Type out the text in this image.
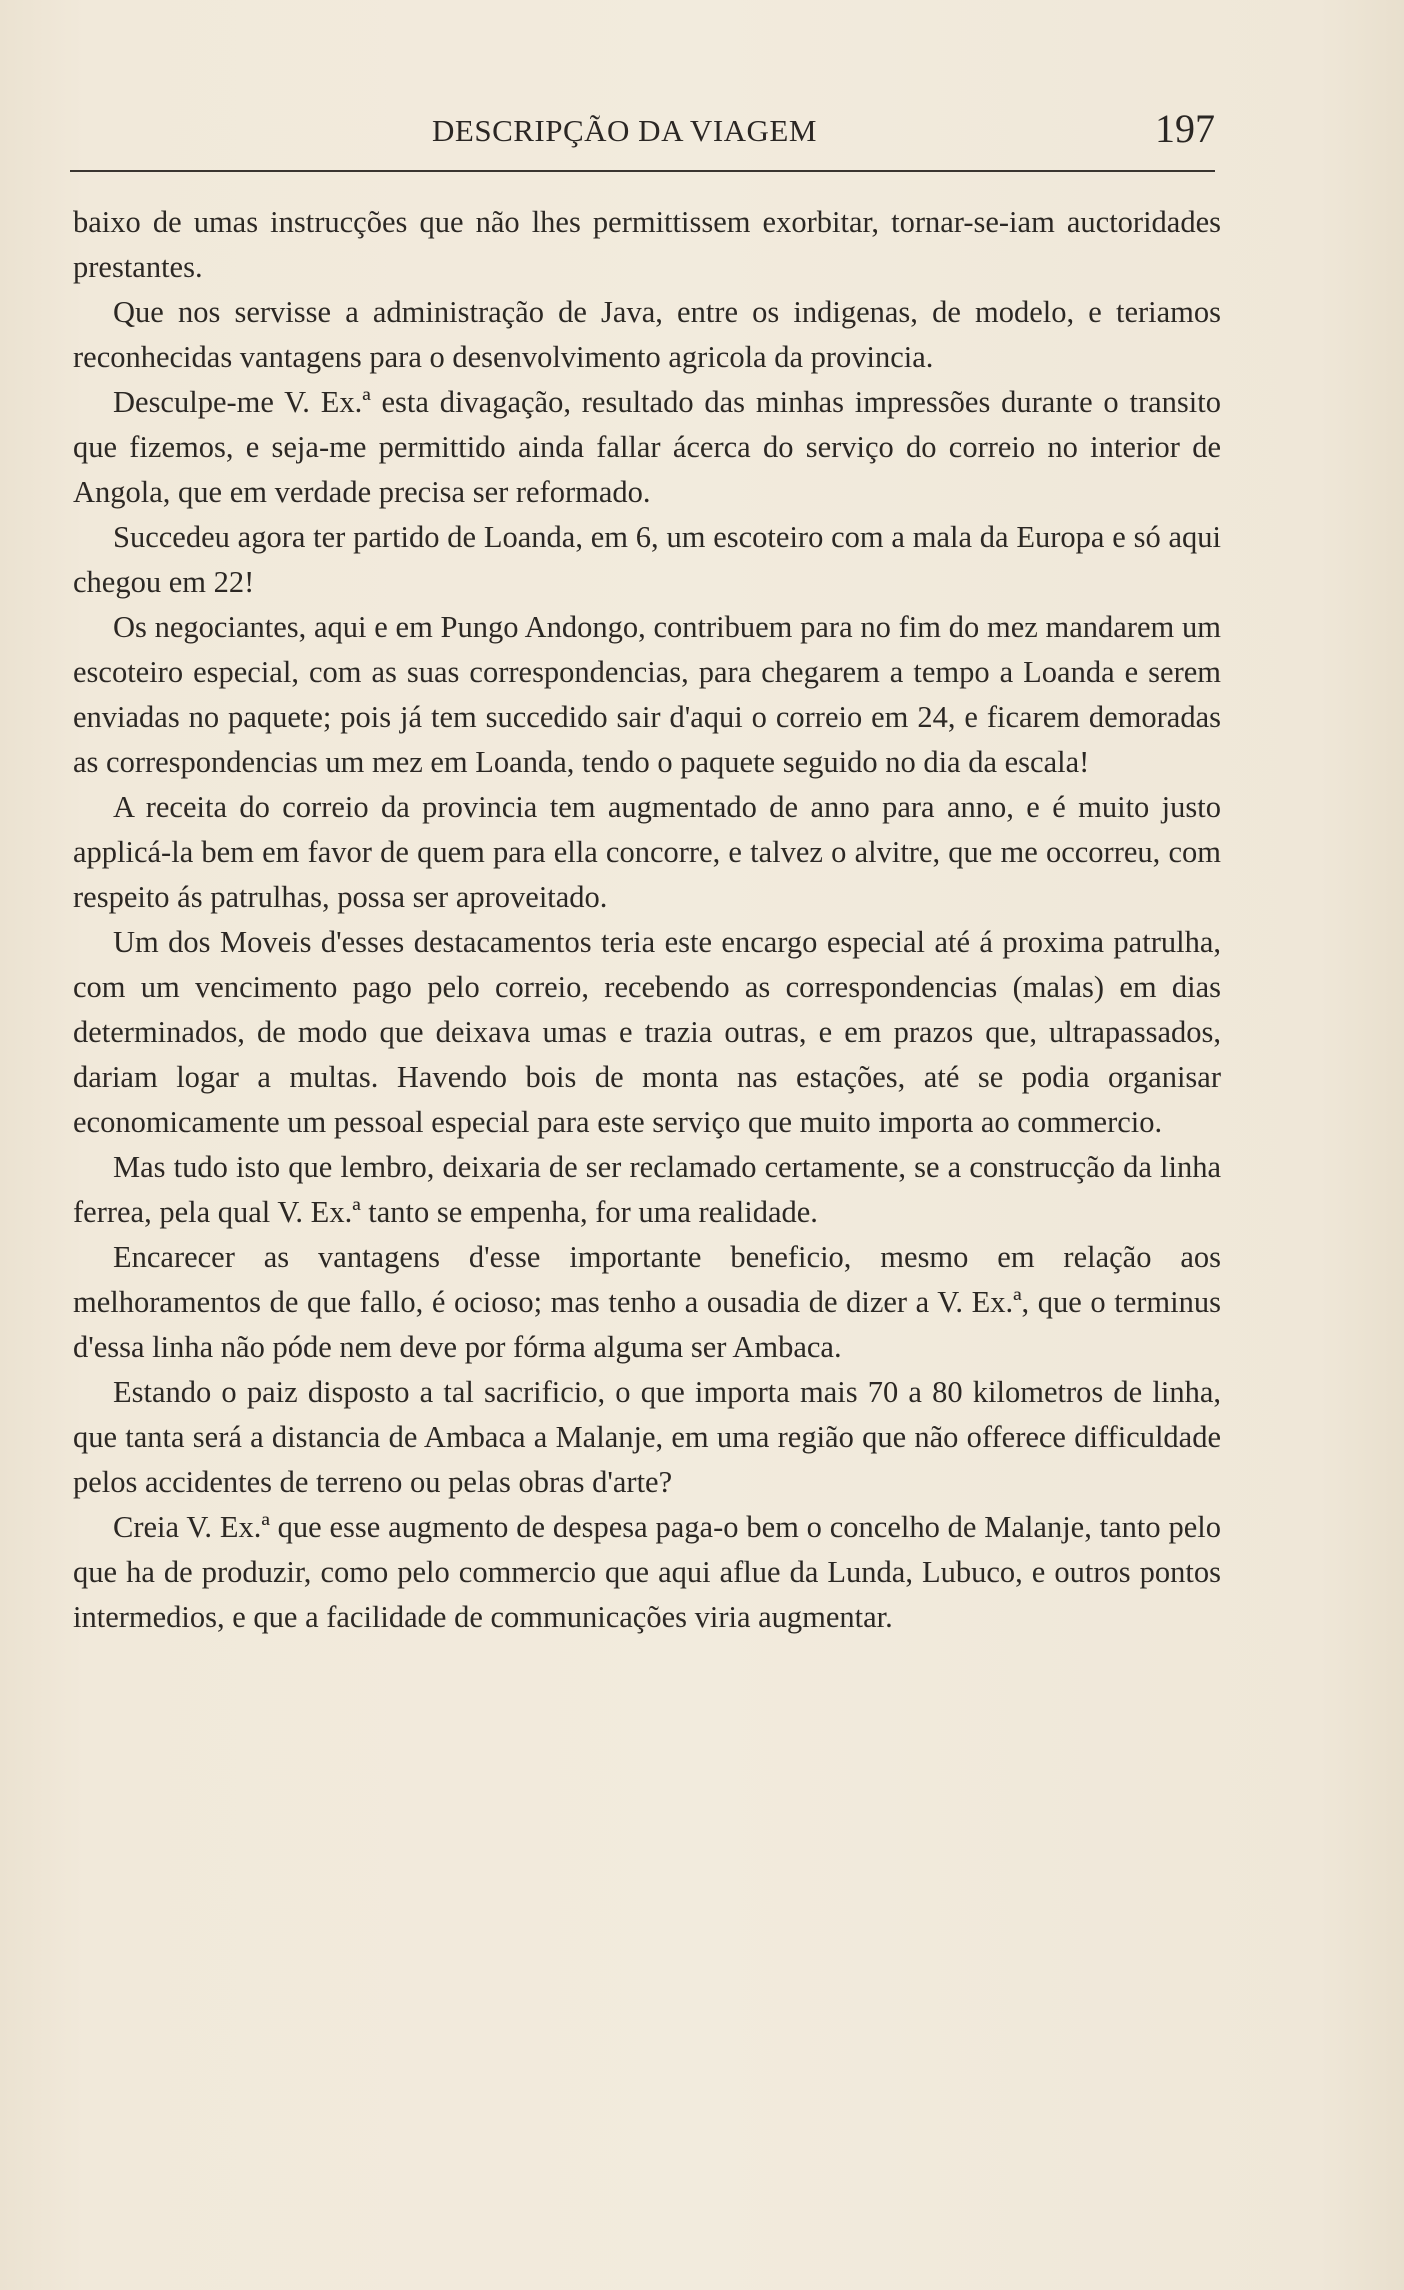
DESCRIPÇÃO DA VIAGEM	197

baixo de umas instrucções que não lhes permittissem exorbitar, tornar-se-iam auctoridades prestantes.

Que nos servisse a administração de Java, entre os indigenas, de modelo, e teriamos reconhecidas vantagens para o desenvolvimento agricola da provincia.

Desculpe-me V. Ex.ª esta divagação, resultado das minhas impressões durante o transito que fizemos, e seja-me permittido ainda fallar ácerca do serviço do correio no interior de Angola, que em verdade precisa ser reformado.

Succedeu agora ter partido de Loanda, em 6, um escoteiro com a mala da Europa e só aqui chegou em 22!

Os negociantes, aqui e em Pungo Andongo, contribuem para no fim do mez mandarem um escoteiro especial, com as suas correspondencias, para chegarem a tempo a Loanda e serem enviadas no paquete; pois já tem succedido sair d'aqui o correio em 24, e ficarem demoradas as correspondencias um mez em Loanda, tendo o paquete seguido no dia da escala!

A receita do correio da provincia tem augmentado de anno para anno, e é muito justo applicá-la bem em favor de quem para ella concorre, e talvez o alvitre, que me occorreu, com respeito ás patrulhas, possa ser aproveitado.

Um dos Moveis d'esses destacamentos teria este encargo especial até á proxima patrulha, com um vencimento pago pelo correio, recebendo as correspondencias (malas) em dias determinados, de modo que deixava umas e trazia outras, e em prazos que, ultrapassados, dariam logar a multas. Havendo bois de monta nas estações, até se podia organisar economicamente um pessoal especial para este serviço que muito importa ao commercio.

Mas tudo isto que lembro, deixaria de ser reclamado certamente, se a construcção da linha ferrea, pela qual V. Ex.ª tanto se empenha, for uma realidade.

Encarecer as vantagens d'esse importante beneficio, mesmo em relação aos melhoramentos de que fallo, é ocioso; mas tenho a ousadia de dizer a V. Ex.ª, que o terminus d'essa linha não póde nem deve por fórma alguma ser Ambaca.

Estando o paiz disposto a tal sacrificio, o que importa mais 70 a 80 kilometros de linha, que tanta será a distancia de Ambaca a Malanje, em uma região que não offerece difficuldade pelos accidentes de terreno ou pelas obras d'arte?

Creia V. Ex.ª que esse augmento de despesa paga-o bem o concelho de Malanje, tanto pelo que ha de produzir, como pelo commercio que aqui aflue da Lunda, Lubuco, e outros pontos intermedios, e que a facilidade de communicações viria augmentar.
